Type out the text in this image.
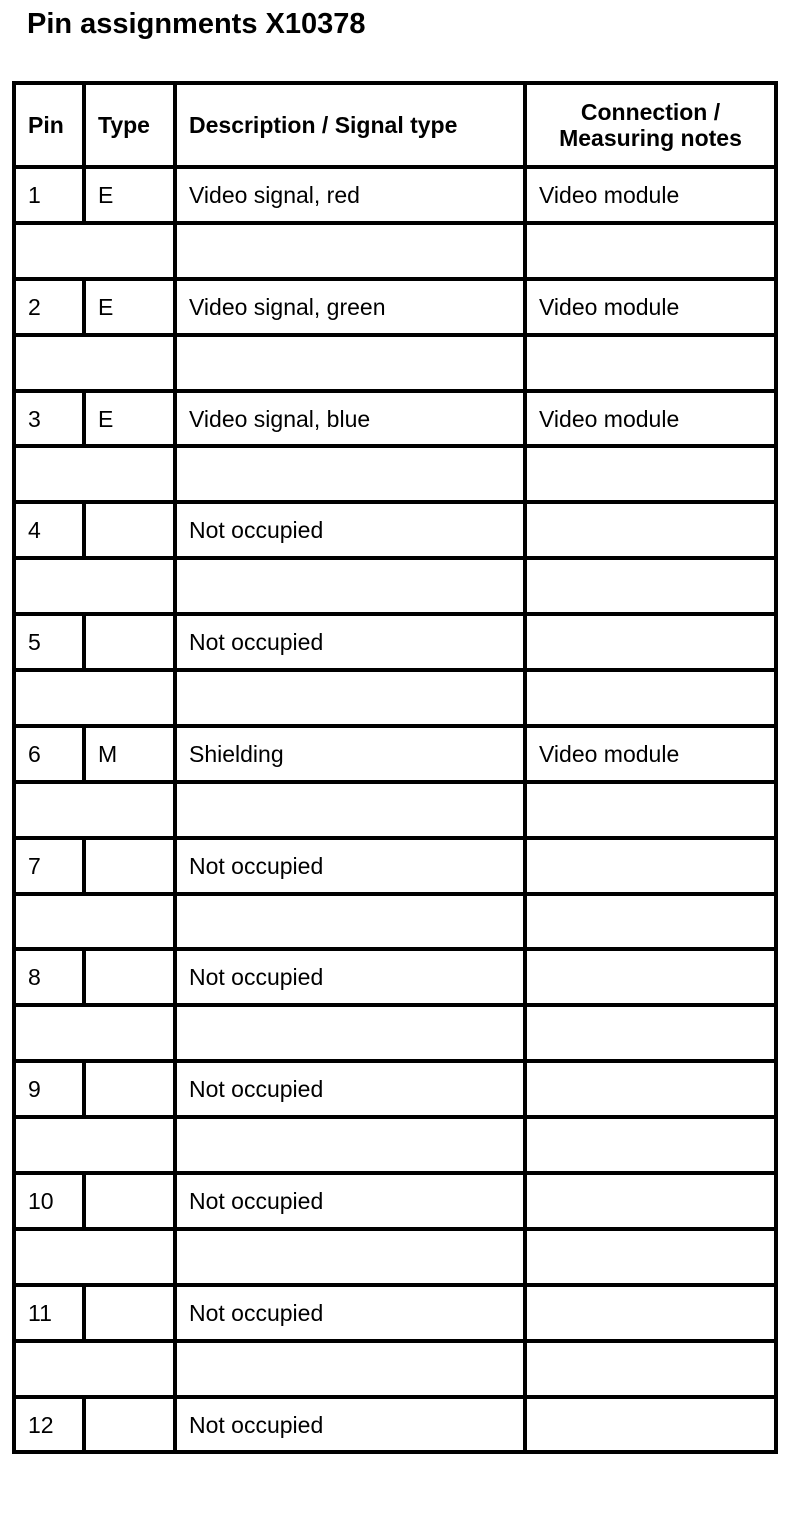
Pin assignments X10378
Pin	Type	Description / Signal type	Connection /
Measuring notes
1	E	Video signal, red	Video module

2	E	Video signal, green	Video module

3	E	Video signal, blue	Video module

4		Not occupied	

5		Not occupied	

6	M	Shielding	Video module

7		Not occupied	

8		Not occupied	

9		Not occupied	

10		Not occupied	

11		Not occupied	

12		Not occupied	
